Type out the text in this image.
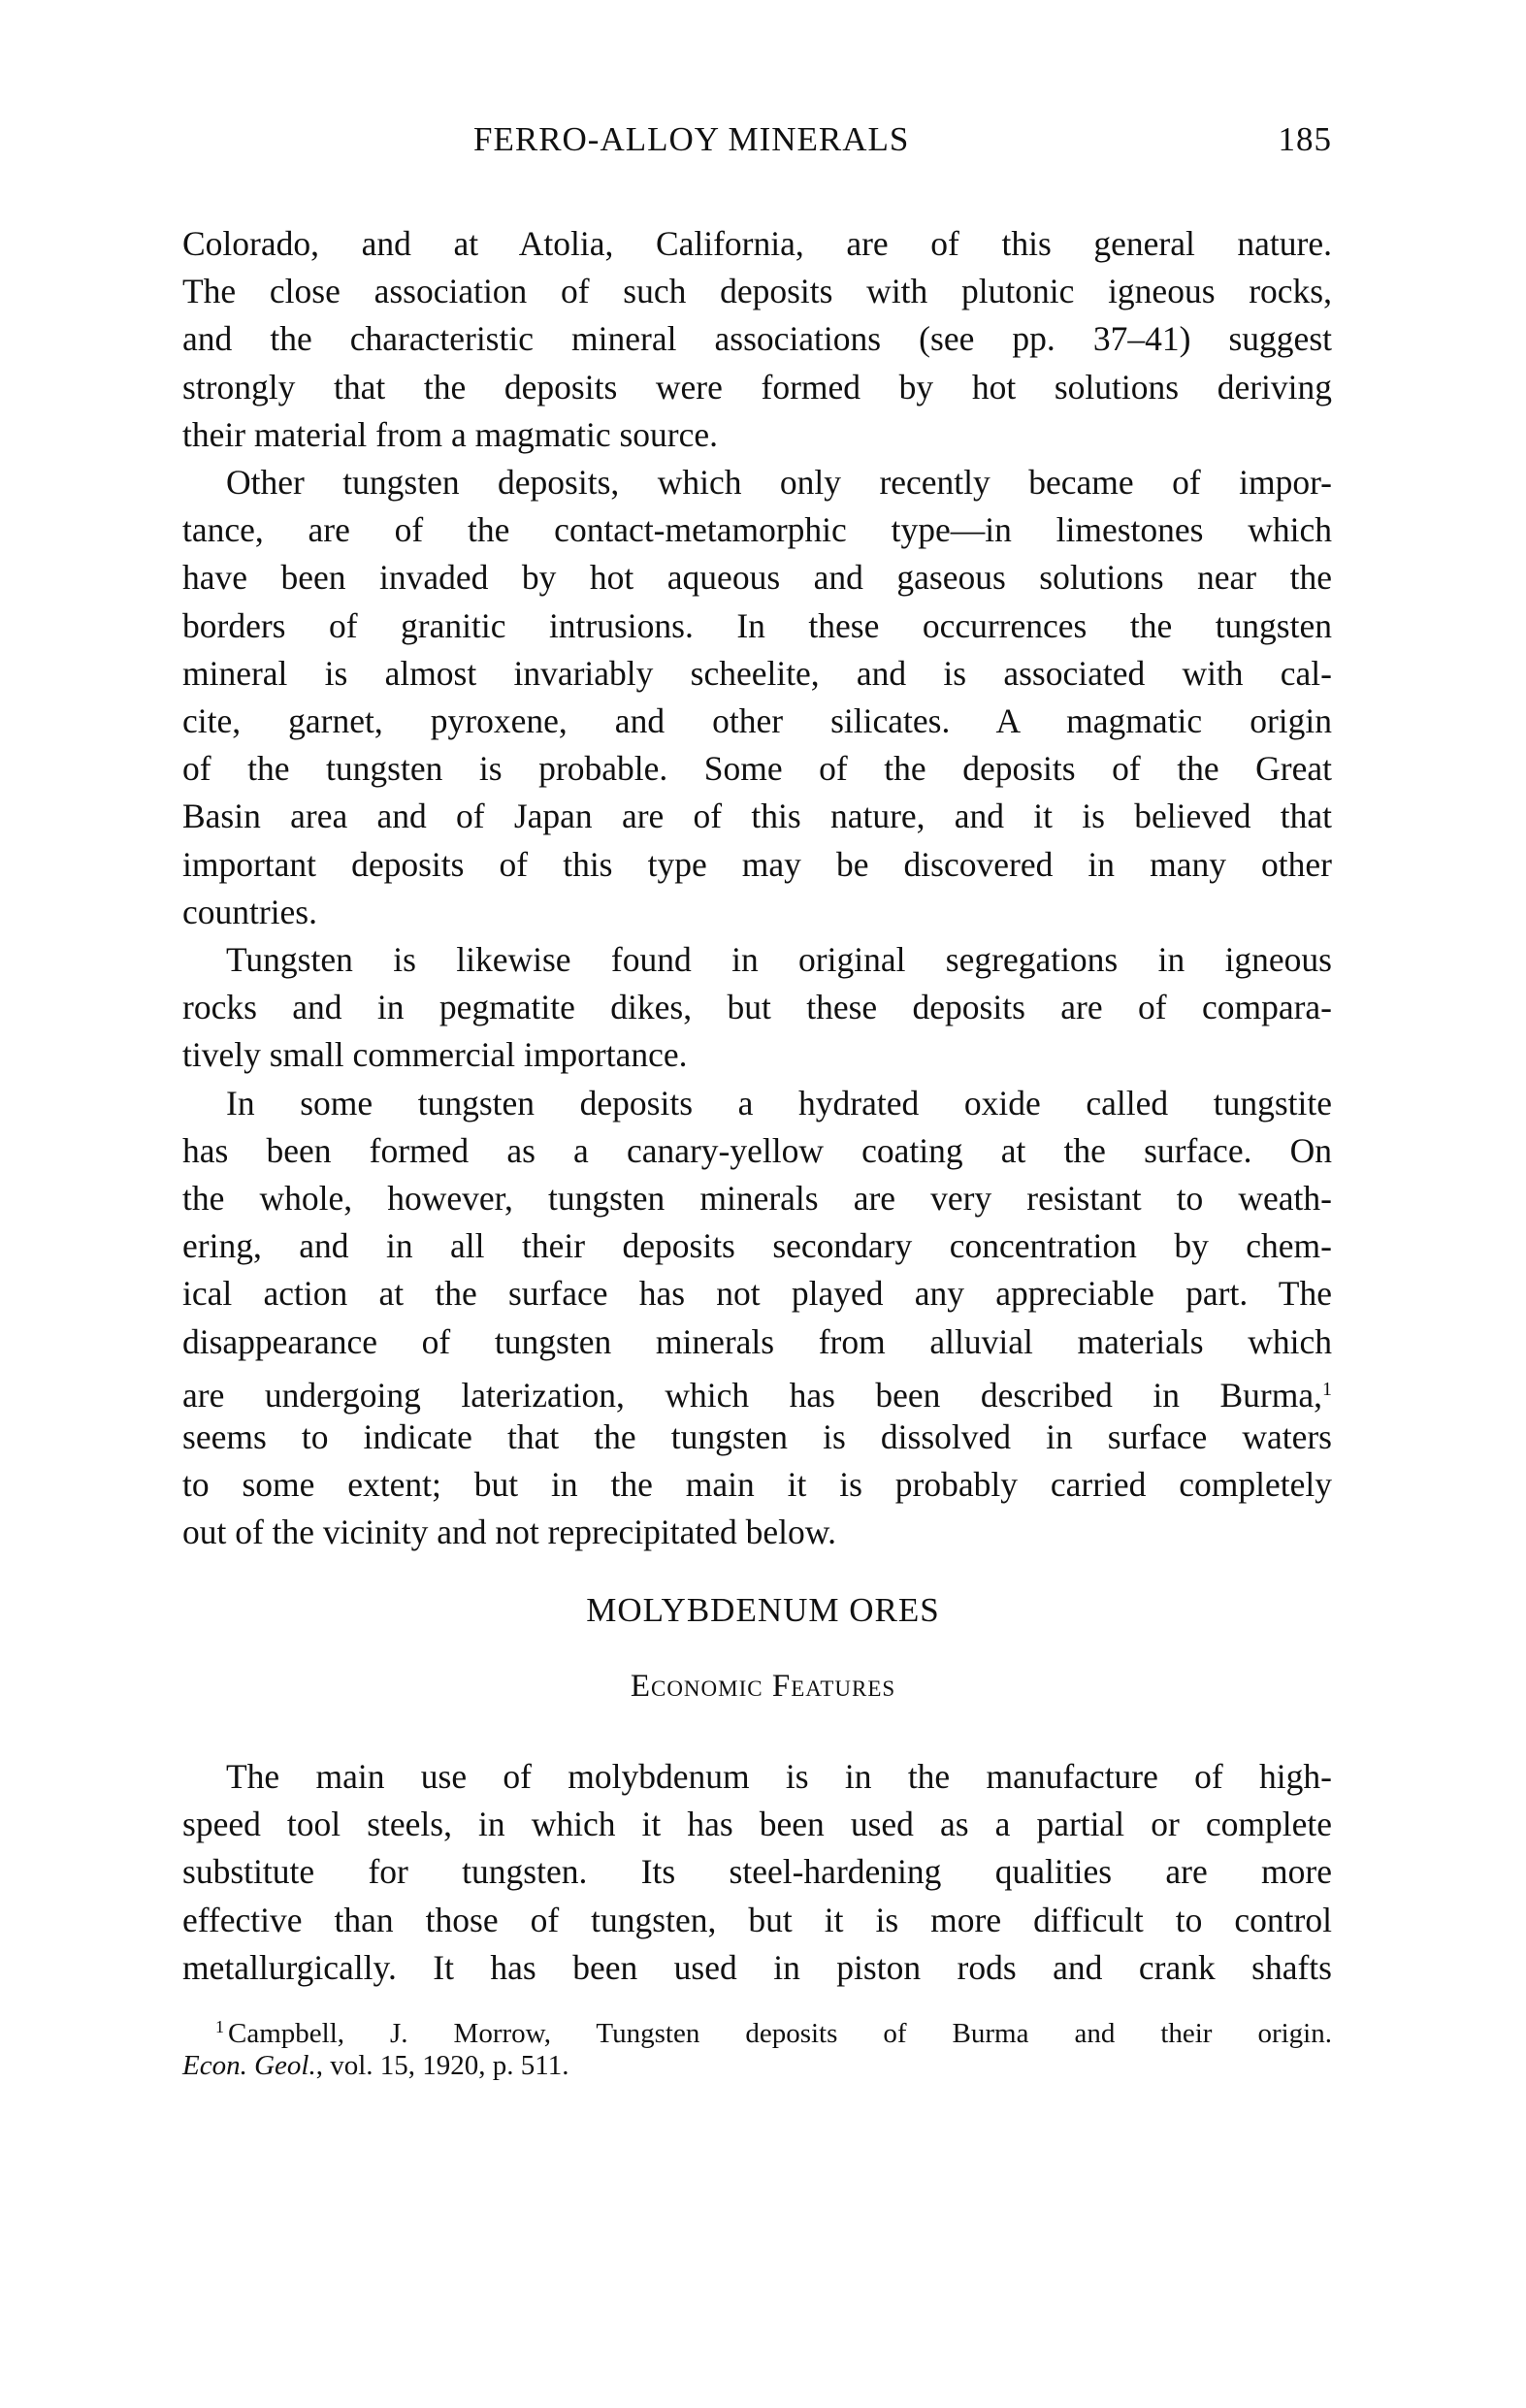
FERRO-ALLOY MINERALS	185
Colorado, and at Atolia, California, are of this general nature.
The close association of such deposits with plutonic igneous rocks,
and the characteristic mineral associations (see pp. 37–41) suggest
strongly that the deposits were formed by hot solutions deriving
their material from a magmatic source.
Other tungsten deposits, which only recently became of impor-
tance, are of the contact-metamorphic type—in limestones which
have been invaded by hot aqueous and gaseous solutions near the
borders of granitic intrusions. In these occurrences the tungsten
mineral is almost invariably scheelite, and is associated with cal-
cite, garnet, pyroxene, and other silicates. A magmatic origin
of the tungsten is probable. Some of the deposits of the Great
Basin area and of Japan are of this nature, and it is believed that
important deposits of this type may be discovered in many other
countries.
Tungsten is likewise found in original segregations in igneous
rocks and in pegmatite dikes, but these deposits are of compara-
tively small commercial importance.
In some tungsten deposits a hydrated oxide called tungstite
has been formed as a canary-yellow coating at the surface. On
the whole, however, tungsten minerals are very resistant to weath-
ering, and in all their deposits secondary concentration by chem-
ical action at the surface has not played any appreciable part. The
disappearance of tungsten minerals from alluvial materials which
are undergoing laterization, which has been described in Burma,$^1$
seems to indicate that the tungsten is dissolved in surface waters
to some extent; but in the main it is probably carried completely
out of the vicinity and not reprecipitated below.
MOLYBDENUM ORES
Economic Features
The main use of molybdenum is in the manufacture of high-
speed tool steels, in which it has been used as a partial or complete
substitute for tungsten. Its steel-hardening qualities are more
effective than those of tungsten, but it is more difficult to control
metallurgically. It has been used in piston rods and crank shafts
$^1$ Campbell, J. Morrow, Tungsten deposits of Burma and their origin.
Econ. Geol., vol. 15, 1920, p. 511.
